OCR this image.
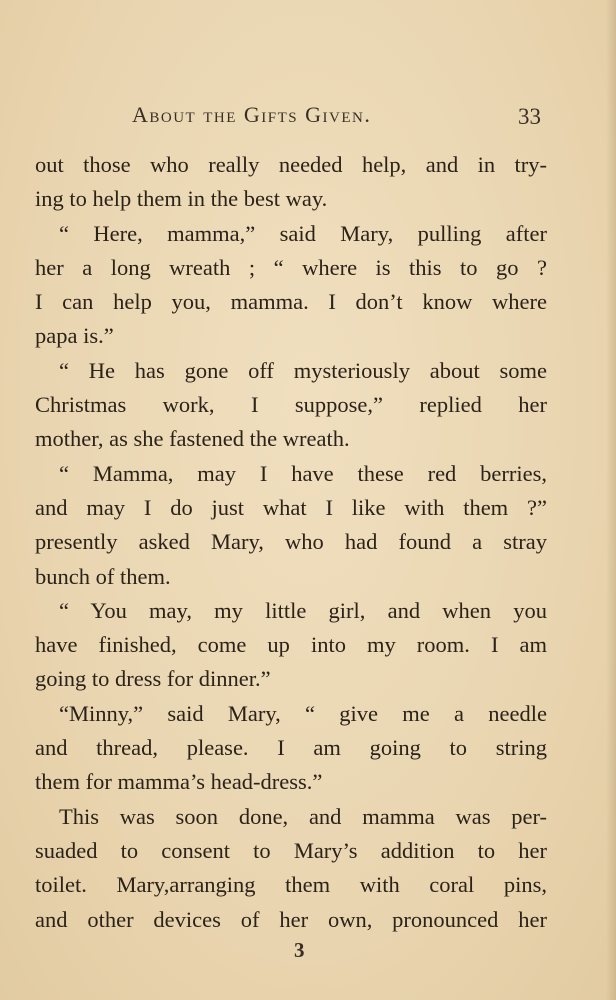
About the Gifts Given.	33
out those who really needed help, and in try-
ing to help them in the best way.
“ Here, mamma,” said Mary, pulling after
her a long wreath ; “ where is this to go ?
I can help you, mamma. I don’t know where
papa is.”
“ He has gone off mysteriously about some
Christmas work, I suppose,” replied her
mother, as she fastened the wreath.
“ Mamma, may I have these red berries,
and may I do just what I like with them ?”
presently asked Mary, who had found a stray
bunch of them.
“ You may, my little girl, and when you
have finished, come up into my room. I am
going to dress for dinner.”
“Minny,” said Mary, “ give me a needle
and thread, please. I am going to string
them for mamma’s head-dress.”
This was soon done, and mamma was per-
suaded to consent to Mary’s addition to her
toilet. Mary,arranging them with coral pins,
and other devices of her own, pronounced her
3
